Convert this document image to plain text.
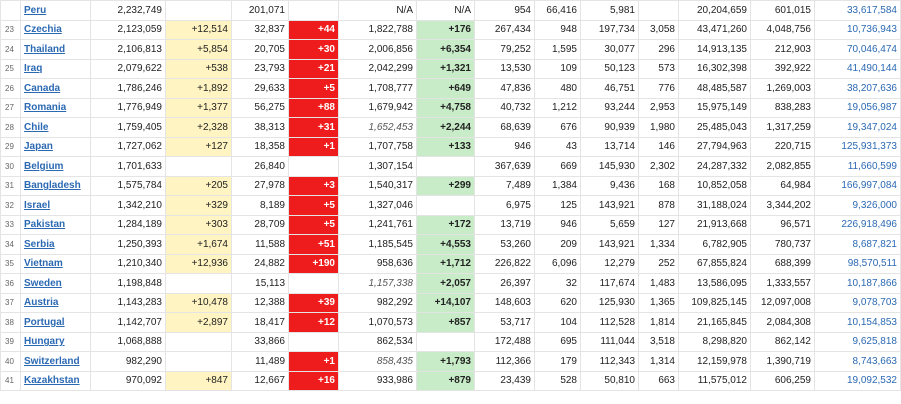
	Peru	2,232,749		201,071		N/A	N/A	954	66,416	5,981		20,204,659	601,015	33,617,584
23	Czechia	2,123,059	+12,514	32,837	+44	1,822,788	+176	267,434	948	197,734	3,058	43,471,260	4,048,756	10,736,943
24	Thailand	2,106,813	+5,854	20,705	+30	2,006,856	+6,354	79,252	1,595	30,077	296	14,913,135	212,903	70,046,474
25	Iraq	2,079,622	+538	23,793	+21	2,042,299	+1,321	13,530	109	50,123	573	16,302,398	392,922	41,490,144
26	Canada	1,786,246	+1,892	29,633	+5	1,708,777	+649	47,836	480	46,751	776	48,485,587	1,269,003	38,207,636
27	Romania	1,776,949	+1,377	56,275	+88	1,679,942	+4,758	40,732	1,212	93,244	2,953	15,975,149	838,283	19,056,987
28	Chile	1,759,405	+2,328	38,313	+31	1,652,453	+2,244	68,639	676	90,939	1,980	25,485,043	1,317,259	19,347,024
29	Japan	1,727,062	+127	18,358	+1	1,707,758	+133	946	43	13,714	146	27,794,963	220,715	125,931,373
30	Belgium	1,701,633		26,840		1,307,154		367,639	669	145,930	2,302	24,287,332	2,082,855	11,660,599
31	Bangladesh	1,575,784	+205	27,978	+3	1,540,317	+299	7,489	1,384	9,436	168	10,852,058	64,984	166,997,084
32	Israel	1,342,210	+329	8,189	+5	1,327,046		6,975	125	143,921	878	31,188,024	3,344,202	9,326,000
33	Pakistan	1,284,189	+303	28,709	+5	1,241,761	+172	13,719	946	5,659	127	21,913,668	96,571	226,918,496
34	Serbia	1,250,393	+1,674	11,588	+51	1,185,545	+4,553	53,260	209	143,921	1,334	6,782,905	780,737	8,687,821
35	Vietnam	1,210,340	+12,936	24,882	+190	958,636	+1,712	226,822	6,096	12,279	252	67,855,824	688,399	98,570,511
36	Sweden	1,198,848		15,113		1,157,338	+2,057	26,397	32	117,674	1,483	13,586,095	1,333,557	10,187,866
37	Austria	1,143,283	+10,478	12,388	+39	982,292	+14,107	148,603	620	125,930	1,365	109,825,145	12,097,008	9,078,703
38	Portugal	1,142,707	+2,897	18,417	+12	1,070,573	+857	53,717	104	112,528	1,814	21,165,845	2,084,308	10,154,853
39	Hungary	1,068,888		33,866		862,534		172,488	695	111,044	3,518	8,298,820	862,142	9,625,818
40	Switzerland	982,290		11,489	+1	858,435	+1,793	112,366	179	112,343	1,314	12,159,978	1,390,719	8,743,663
41	Kazakhstan	970,092	+847	12,667	+16	933,986	+879	23,439	528	50,810	663	11,575,012	606,259	19,092,532
